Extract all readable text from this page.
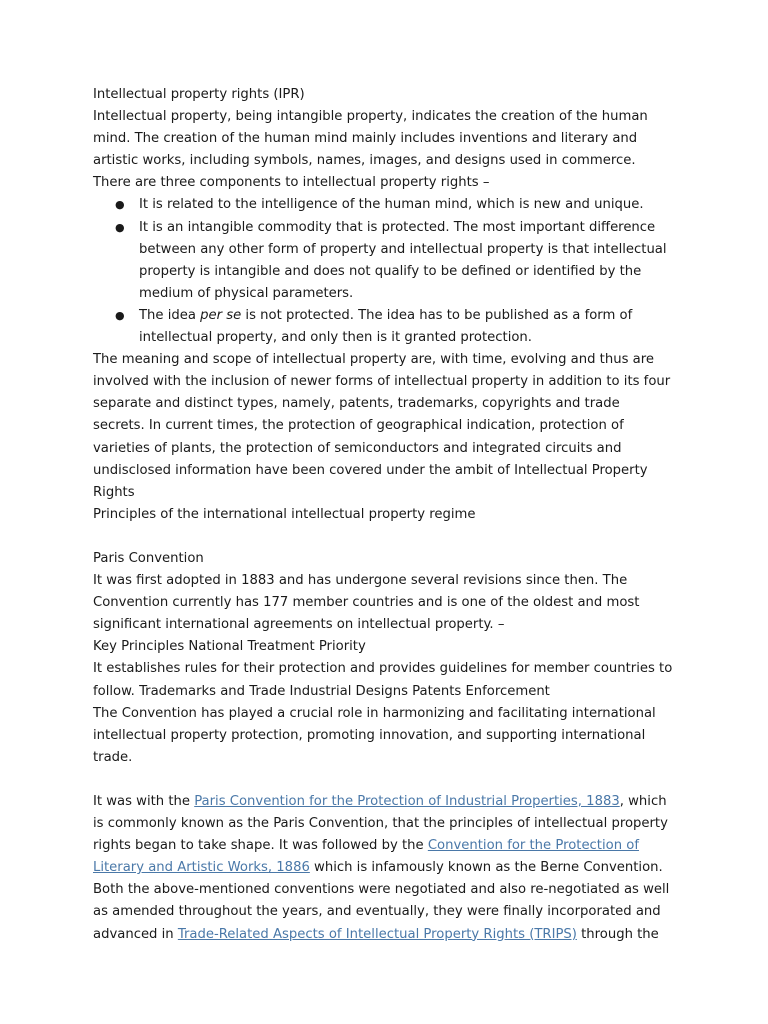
Intellectual property rights (IPR)

Intellectual property, being intangible property, indicates the creation of the human mind. The creation of the human mind mainly includes inventions and literary and artistic works, including symbols, names, images, and designs used in commerce.

There are three components to intellectual property rights –

● It is related to the intelligence of the human mind, which is new and unique.
● It is an intangible commodity that is protected. The most important difference between any other form of property and intellectual property is that intellectual property is intangible and does not qualify to be defined or identified by the medium of physical parameters.
● The idea per se is not protected. The idea has to be published as a form of intellectual property, and only then is it granted protection.

The meaning and scope of intellectual property are, with time, evolving and thus are involved with the inclusion of newer forms of intellectual property in addition to its four separate and distinct types, namely, patents, trademarks, copyrights and trade secrets. In current times, the protection of geographical indication, protection of varieties of plants, the protection of semiconductors and integrated circuits and undisclosed information have been covered under the ambit of Intellectual Property Rights

Principles of the international intellectual property regime

Paris Convention

It was first adopted in 1883 and has undergone several revisions since then. The Convention currently has 177 member countries and is one of the oldest and most significant international agreements on intellectual property. –

Key Principles National Treatment Priority

It establishes rules for their protection and provides guidelines for member countries to follow. Trademarks and Trade Industrial Designs Patents Enforcement

The Convention has played a crucial role in harmonizing and facilitating international intellectual property protection, promoting innovation, and supporting international trade.

It was with the Paris Convention for the Protection of Industrial Properties, 1883, which is commonly known as the Paris Convention, that the principles of intellectual property rights began to take shape. It was followed by the Convention for the Protection of Literary and Artistic Works, 1886 which is infamously known as the Berne Convention. Both the above-mentioned conventions were negotiated and also re-negotiated as well as amended throughout the years, and eventually, they were finally incorporated and advanced in Trade-Related Aspects of Intellectual Property Rights (TRIPS) through the
